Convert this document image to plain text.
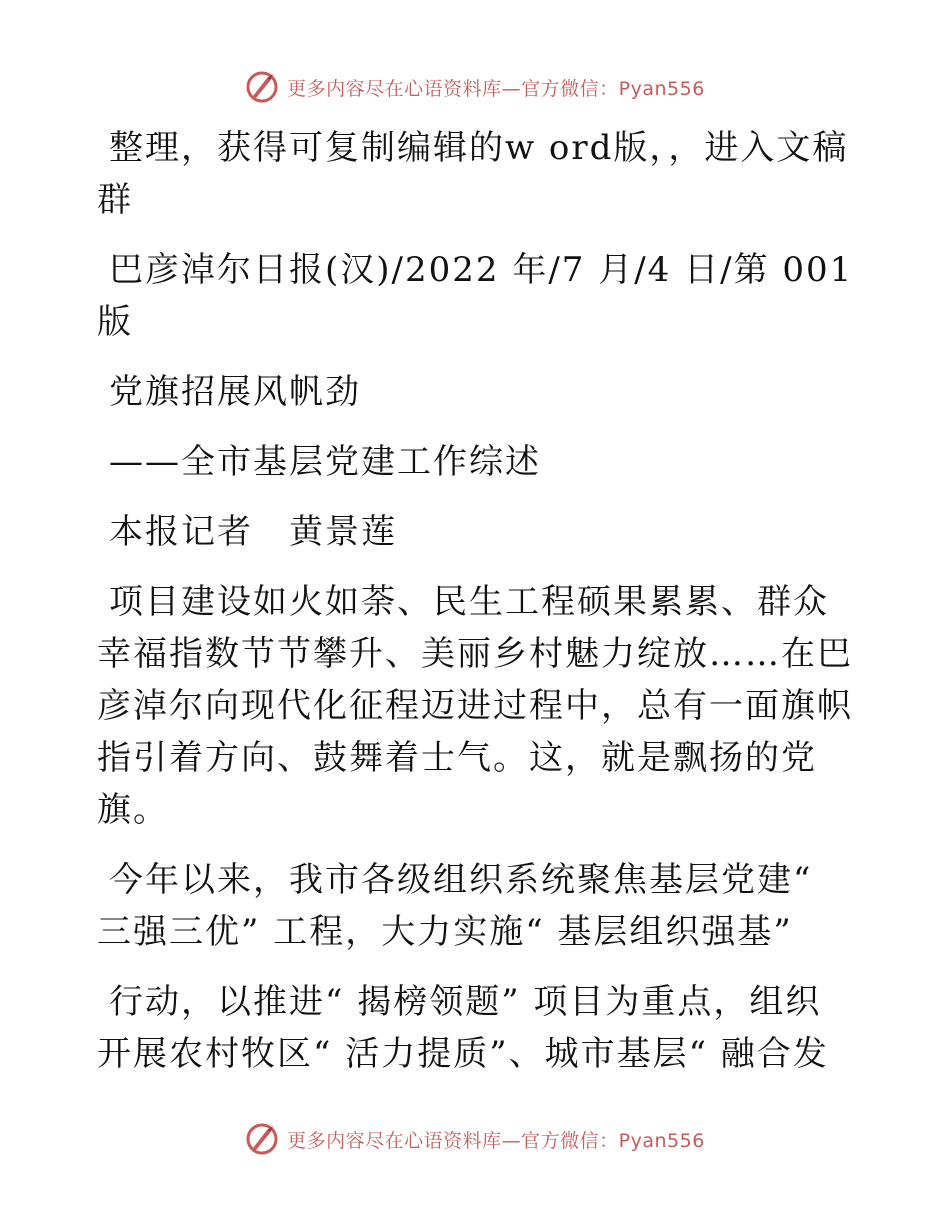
更多内容尽在心语资料库—官方微信：Pyan556

整理，获得可复制编辑的w ord版，，进入文稿群

巴彦淖尔日报(汉)/2022 年/7 月/4 日/第 001版

党旗招展风帆劲

——全市基层党建工作综述

本报记者　黄景莲

项目建设如火如荼、民生工程硕果累累、群众幸福指数节节攀升、美丽乡村魅力绽放……在巴彦淖尔向现代化征程迈进过程中，总有一面旗帜指引着方向、鼓舞着士气。这，就是飘扬的党旗。

今年以来，我市各级组织系统聚焦基层党建“ 三强三优” 工程，大力实施“ 基层组织强基”

行动，以推进“ 揭榜领题” 项目为重点，组织开展农村牧区“ 活力提质”、城市基层“ 融合发

更多内容尽在心语资料库—官方微信：Pyan556
